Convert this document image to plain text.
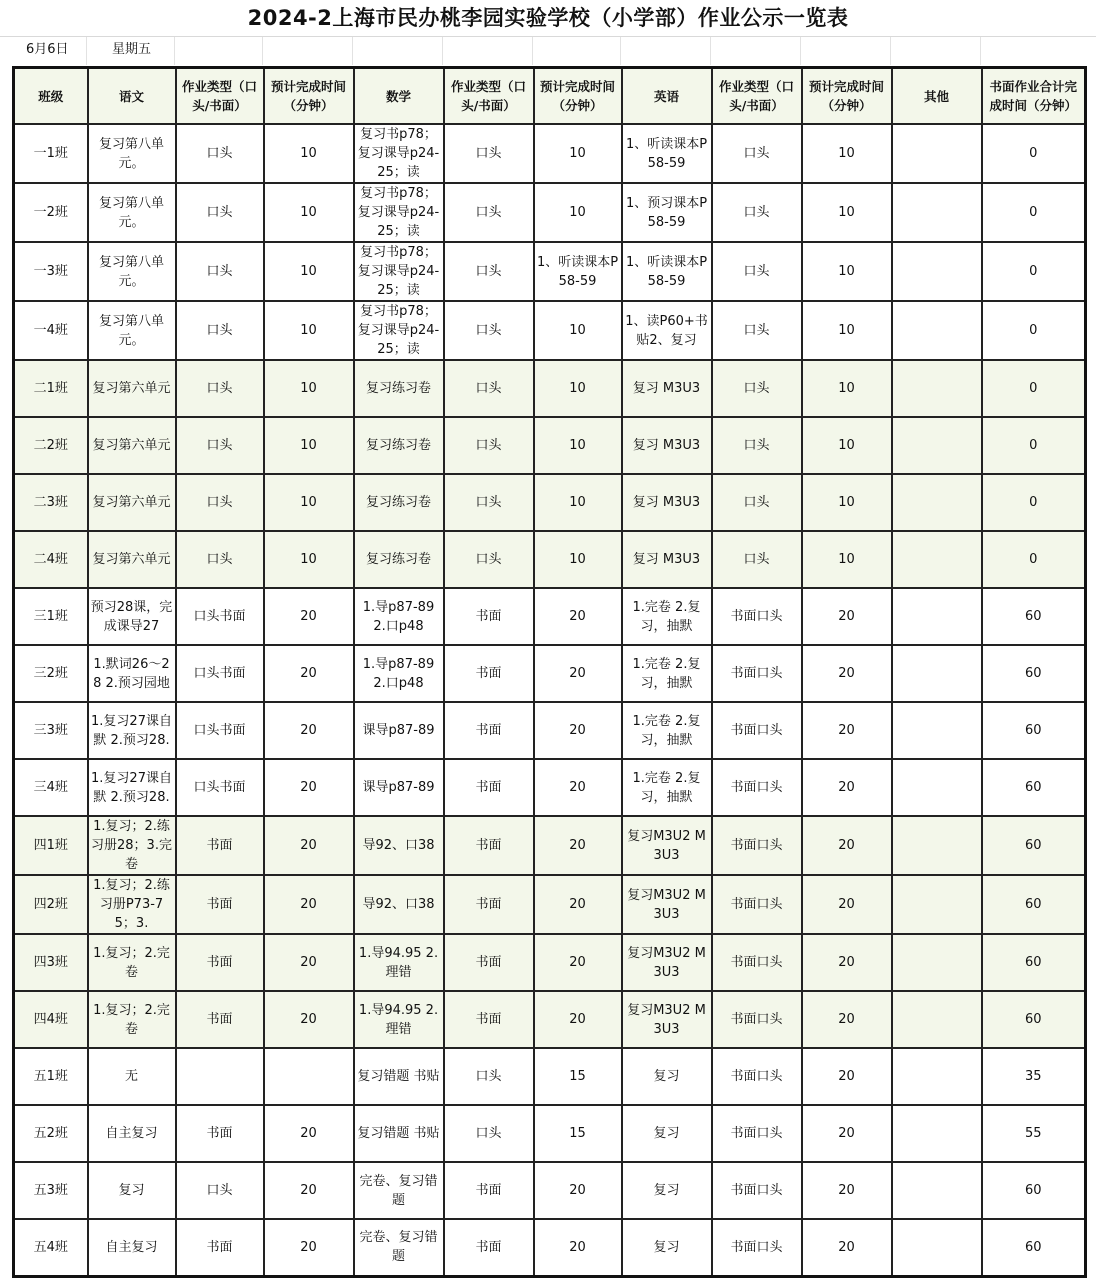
2024-2上海市民办桃李园实验学校（小学部）作业公示一览表
6月6日	星期五
班级	语文	作业类型（口头/书面）	预计完成时间（分钟）	数学	作业类型（口头/书面）	预计完成时间（分钟）	英语	作业类型（口头/书面）	预计完成时间（分钟）	其他	书面作业合计完成时间（分钟）

一1班	复习第八单元。	口头	10	复习书p78；复习课导p24-25；读	口头	10	1、听读课本P58-59	口头	10		0

一2班	复习第八单元。	口头	10	复习书p78；复习课导p24-25；读	口头	10	1、预习课本P58-59	口头	10		0

一3班	复习第八单元。	口头	10	复习书p78；复习课导p24-25；读	口头	1、听读课本P58-59	1、听读课本P58-59	口头	10		0

一4班	复习第八单元。	口头	10	复习书p78；复习课导p24-25；读	口头	10	1、读P60+书贴2、复习	口头	10		0

二1班	复习第六单元	口头	10	复习练习卷	口头	10	复习 M3U3	口头	10		0

二2班	复习第六单元	口头	10	复习练习卷	口头	10	复习 M3U3	口头	10		0

二3班	复习第六单元	口头	10	复习练习卷	口头	10	复习 M3U3	口头	10		0

二4班	复习第六单元	口头	10	复习练习卷	口头	10	复习 M3U3	口头	10		0

三1班	预习28课，完成课导27	口头书面	20	1.导p87-89 2.口p48	书面	20	1.完卷 2.复习，抽默	书面口头	20		60

三2班	1.默词26～28 2.预习园地	口头书面	20	1.导p87-89 2.口p48	书面	20	1.完卷 2.复习，抽默	书面口头	20		60

三3班	1.复习27课自默 2.预习28.	口头书面	20	课导p87-89	书面	20	1.完卷 2.复习，抽默	书面口头	20		60

三4班	1.复习27课自默 2.预习28.	口头书面	20	课导p87-89	书面	20	1.完卷 2.复习，抽默	书面口头	20		60

四1班	1.复习；2.练习册28；3.完卷	书面	20	导92、口38	书面	20	复习M3U2 M3U3	书面口头	20		60

四2班	1.复习；2.练习册P73-75；3.	书面	20	导92、口38	书面	20	复习M3U2 M3U3	书面口头	20		60

四3班	1.复习；2.完卷	书面	20	1.导94.95 2.理错	书面	20	复习M3U2 M3U3	书面口头	20		60

四4班	1.复习；2.完卷	书面	20	1.导94.95 2.理错	书面	20	复习M3U2 M3U3	书面口头	20		60

五1班	无			复习错题 书贴	口头	15	复习	书面口头	20		35

五2班	自主复习	书面	20	复习错题 书贴	口头	15	复习	书面口头	20		55

五3班	复习	口头	20	完卷、复习错题	书面	20	复习	书面口头	20		60

五4班	自主复习	书面	20	完卷、复习错题	书面	20	复习	书面口头	20		60
